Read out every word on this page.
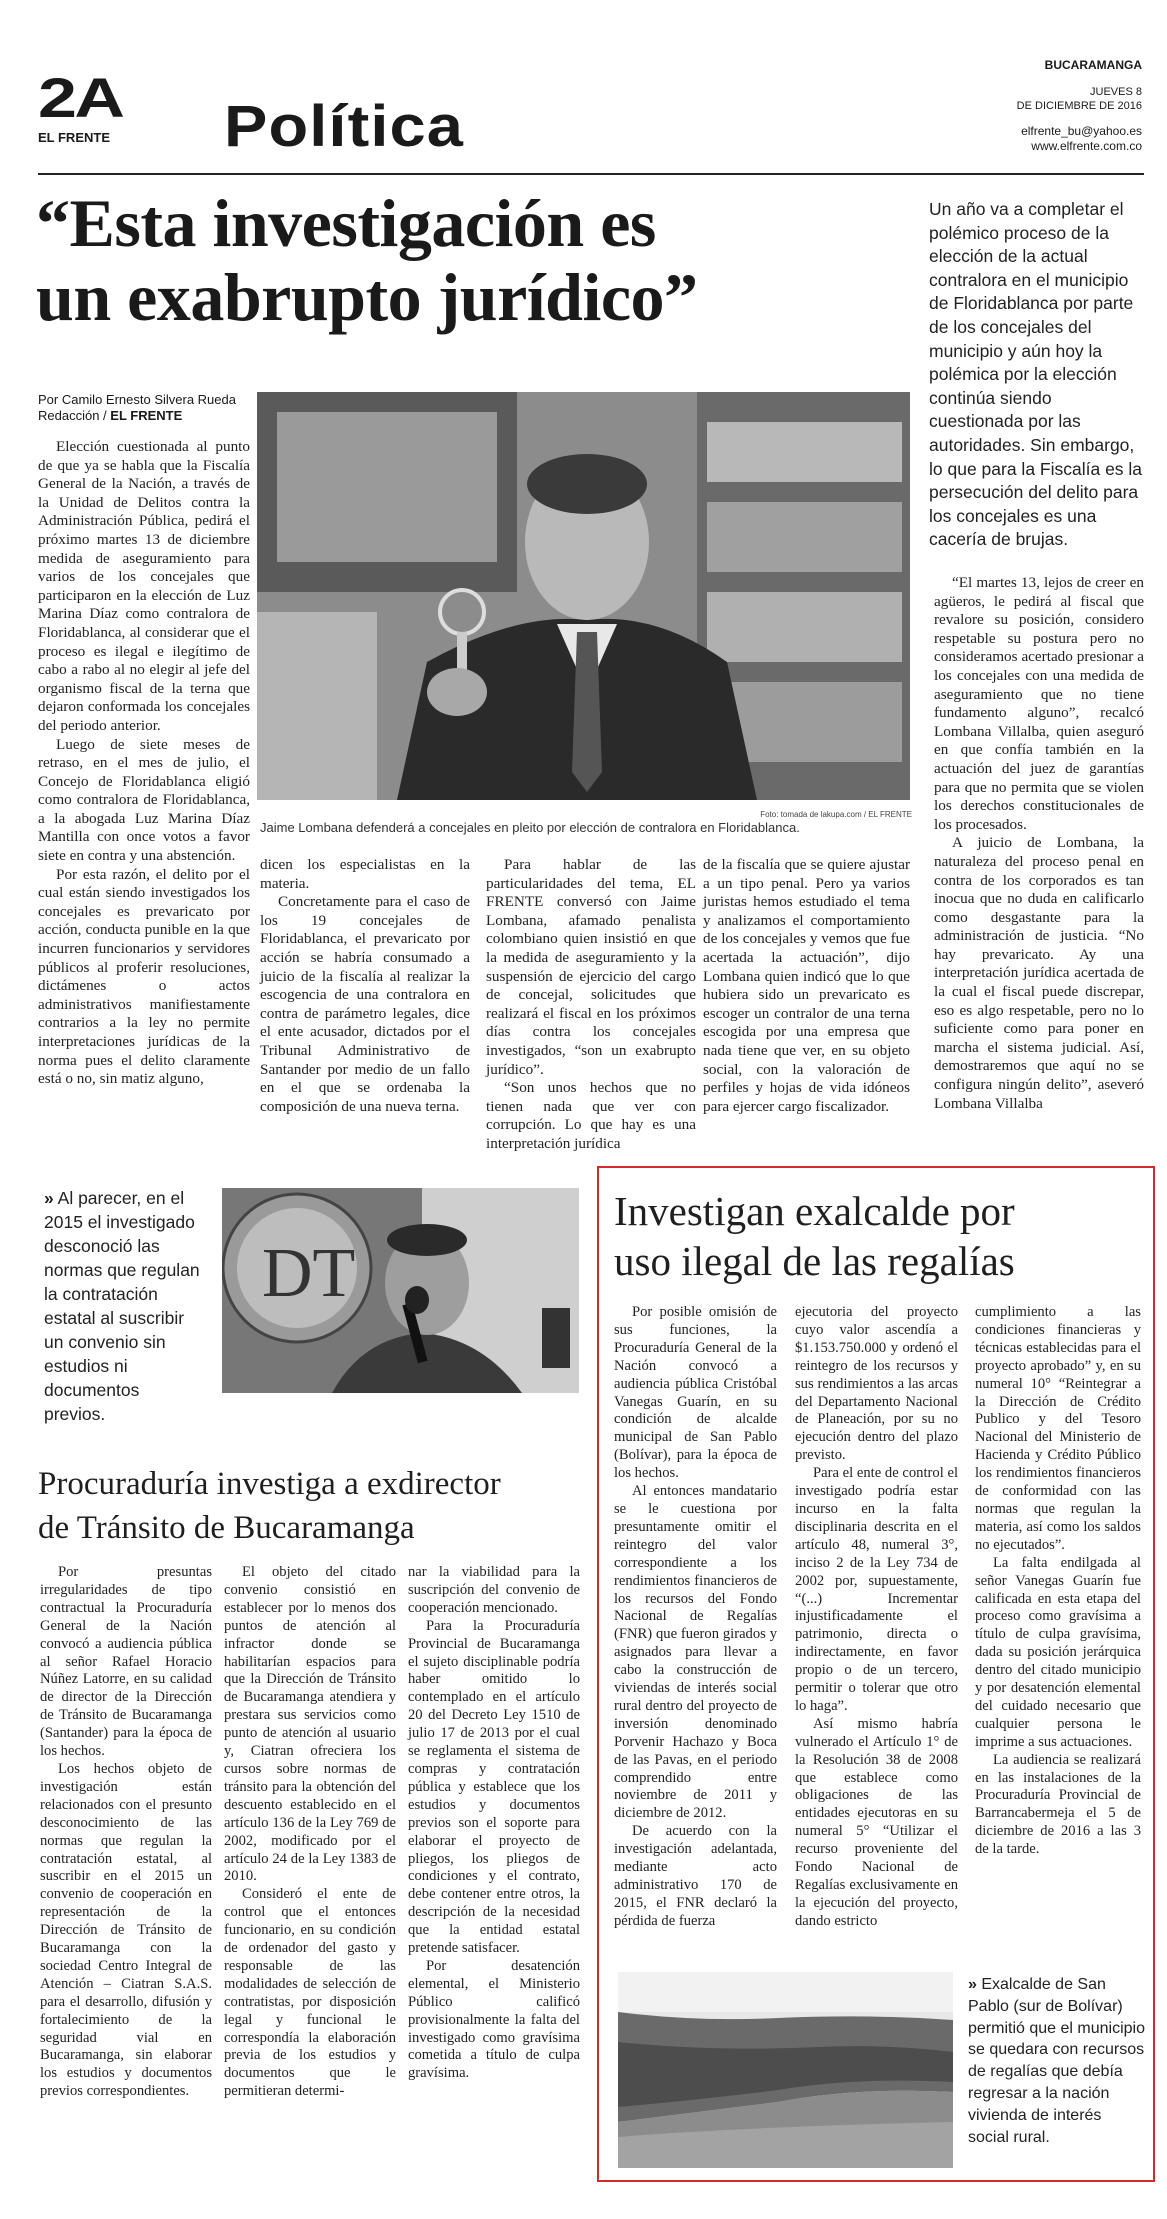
2A
EL FRENTE Política
BUCARAMANGA
JUEVES 8
DE DICIEMBRE DE 2016
elfrente_bu@yahoo.es
www.elfrente.com.co
“Esta investigación es
un exabrupto jurídico”
Un año va a completar el polémico proceso de la elección de la actual contralora en el municipio de Floridablanca por parte de los concejales del municipio y aún hoy la polémica por la elección continúa siendo cuestionada por las autoridades. Sin embargo, lo que para la Fiscalía es la persecución del delito para los concejales es una cacería de brujas.
Por Camilo Ernesto Silvera Rueda
Redacción / EL FRENTE

Elección cuestionada al punto de que ya se habla que la Fiscalía General de la Nación, a través de la Unidad de Delitos contra la Administración Pública, pedirá el próximo martes 13 de diciembre medida de aseguramiento para varios de los concejales que participaron en la elección de Luz Marina Díaz como contralora de Floridablanca, al considerar que el proceso es ilegal e ilegítimo de cabo a rabo al no elegir al jefe del organismo fiscal de la terna que dejaron conformada los concejales del periodo anterior.

Luego de siete meses de retraso, en el mes de julio, el Concejo de Floridablanca eligió como contralora de Floridablanca, a la abogada Luz Marina Díaz Mantilla con once votos a favor siete en contra y una abstención.

Por esta razón, el delito por el cual están siendo investigados los concejales es prevaricato por acción, conducta punible en la que incurren funcionarios y servidores públicos al proferir resoluciones, dictámenes o actos administrativos manifiestamente contrarios a la ley no permite interpretaciones jurídicas de la norma pues el delito claramente está o no, sin matiz alguno,

Foto: tomada de lakupa.com / EL FRENTE
Jaime Lombana defenderá a concejales en pleito por elección de contralora en Floridablanca.

dicen los especialistas en la materia.

Concretamente para el caso de los 19 concejales de Floridablanca, el prevaricato por acción se habría consumado a juicio de la fiscalía al realizar la escogencia de una contralora en contra de parámetro legales, dice el ente acusador, dictados por el Tribunal Administrativo de Santander por medio de un fallo en el que se ordenaba la composición de una nueva terna.

Para hablar de las particularidades del tema, EL FRENTE conversó con Jaime Lombana, afamado penalista colombiano quien insistió en que la medida de aseguramiento y la suspensión de ejercicio del cargo de concejal, solicitudes que realizará el fiscal en los próximos días contra los concejales investigados, “son un exabrupto jurídico”.

“Son unos hechos que no tienen nada que ver con corrupción. Lo que hay es una interpretación jurídica

de la fiscalía que se quiere ajustar a un tipo penal. Pero ya varios juristas hemos estudiado el tema y analizamos el comportamiento de los concejales y vemos que fue acertada la actuación”, dijo Lombana quien indicó que lo que hubiera sido un prevaricato es escoger un contralor de una terna escogida por una empresa que nada tiene que ver, en su objeto social, con la valoración de perfiles y hojas de vida idóneos para ejercer cargo fiscalizador.

“El martes 13, lejos de creer en agüeros, le pedirá al fiscal que revalore su posición, considero respetable su postura pero no consideramos acertado presionar a los concejales con una medida de aseguramiento que no tiene fundamento alguno”, recalcó Lombana Villalba, quien aseguró en que confía también en la actuación del juez de garantías para que no permita que se violen los derechos constitucionales de los procesados.

A juicio de Lombana, la naturaleza del proceso penal en contra de los corporados es tan inocua que no duda en calificarlo como desgastante para la administración de justicia. “No hay prevaricato. Ay una interpretación jurídica acertada de la cual el fiscal puede discrepar, eso es algo respetable, pero no lo suficiente como para poner en marcha el sistema judicial. Así, demostraremos que aquí no se configura ningún delito”, aseveró Lombana Villalba

» Al parecer, en el 2015 el investigado desconoció las normas que regulan la contratación estatal al suscribir un convenio sin estudios ni documentos previos.
DT
Procuraduría investiga a exdirector
de Tránsito de Bucaramanga

Por presuntas irregularidades de tipo contractual la Procuraduría General de la Nación convocó a audiencia pública al señor Rafael Horacio Núñez Latorre, en su calidad de director de la Dirección de Tránsito de Bucaramanga (Santander) para la época de los hechos.

Los hechos objeto de investigación están relacionados con el presunto desconocimiento de las normas que regulan la contratación estatal, al suscribir en el 2015 un convenio de cooperación en representación de la Dirección de Tránsito de Bucaramanga con la sociedad Centro Integral de Atención – Ciatran S.A.S. para el desarrollo, difusión y fortalecimiento de la seguridad vial en Bucaramanga, sin elaborar los estudios y documentos previos correspondientes.

El objeto del citado convenio consistió en establecer por lo menos dos puntos de atención al infractor donde se habilitarían espacios para que la Dirección de Tránsito de Bucaramanga atendiera y prestara sus servicios como punto de atención al usuario y, Ciatran ofreciera los cursos sobre normas de tránsito para la obtención del descuento establecido en el artículo 136 de la Ley 769 de 2002, modificado por el artículo 24 de la Ley 1383 de 2010.

Consideró el ente de control que el entonces funcionario, en su condición de ordenador del gasto y responsable de las modalidades de selección de contratistas, por disposición legal y funcional le correspondía la elaboración previa de los estudios y documentos que le permitieran determi-

nar la viabilidad para la suscripción del convenio de cooperación mencionado.

Para la Procuraduría Provincial de Bucaramanga el sujeto disciplinable podría haber omitido lo contemplado en el artículo 20 del Decreto Ley 1510 de julio 17 de 2013 por el cual se reglamenta el sistema de compras y contratación pública y establece que los estudios y documentos previos son el soporte para elaborar el proyecto de pliegos, los pliegos de condiciones y el contrato, debe contener entre otros, la descripción de la necesidad que la entidad estatal pretende satisfacer.

Por desatención elemental, el Ministerio Público calificó provisionalmente la falta del investigado como gravísima cometida a título de culpa gravísima.

Investigan exalcalde por
uso ilegal de las regalías

Por posible omisión de sus funciones, la Procuraduría General de la Nación convocó a audiencia pública Cristóbal Vanegas Guarín, en su condición de alcalde municipal de San Pablo (Bolívar), para la época de los hechos.

Al entonces mandatario se le cuestiona por presuntamente omitir el reintegro del valor correspondiente a los rendimientos financieros de los recursos del Fondo Nacional de Regalías (FNR) que fueron girados y asignados para llevar a cabo la construcción de viviendas de interés social rural dentro del proyecto de inversión denominado Porvenir Hachazo y Boca de las Pavas, en el periodo comprendido entre noviembre de 2011 y diciembre de 2012.

De acuerdo con la investigación adelantada, mediante acto administrativo 170 de 2015, el FNR declaró la pérdida de fuerza

ejecutoria del proyecto cuyo valor ascendía a $1.153.750.000 y ordenó el reintegro de los recursos y sus rendimientos a las arcas del Departamento Nacional de Planeación, por su no ejecución dentro del plazo previsto.

Para el ente de control el investigado podría estar incurso en la falta disciplinaria descrita en el artículo 48, numeral 3°, inciso 2 de la Ley 734 de 2002 por, supuestamente, “(...) Incrementar injustificadamente el patrimonio, directa o indirectamente, en favor propio o de un tercero, permitir o tolerar que otro lo haga”.

Así mismo habría vulnerado el Artículo 1° de la Resolución 38 de 2008 que establece como obligaciones de las entidades ejecutoras en su numeral 5° “Utilizar el recurso proveniente del Fondo Nacional de Regalías exclusivamente en la ejecución del proyecto, dando estricto

cumplimiento a las condiciones financieras y técnicas establecidas para el proyecto aprobado” y, en su numeral 10° “Reintegrar a la Dirección de Crédito Publico y del Tesoro Nacional del Ministerio de Hacienda y Crédito Público los rendimientos financieros de conformidad con las normas que regulan la materia, así como los saldos no ejecutados”.

La falta endilgada al señor Vanegas Guarín fue calificada en esta etapa del proceso como gravísima a título de culpa gravísima, dada su posición jerárquica dentro del citado municipio y por desatención elemental del cuidado necesario que cualquier persona le imprime a sus actuaciones.

La audiencia se realizará en las instalaciones de la Procuraduría Provincial de Barrancabermeja el 5 de diciembre de 2016 a las 3 de la tarde.

» Exalcalde de San Pablo (sur de Bolívar) permitió que el municipio se quedara con recursos de regalías que debía regresar a la nación vivienda de interés social rural.
